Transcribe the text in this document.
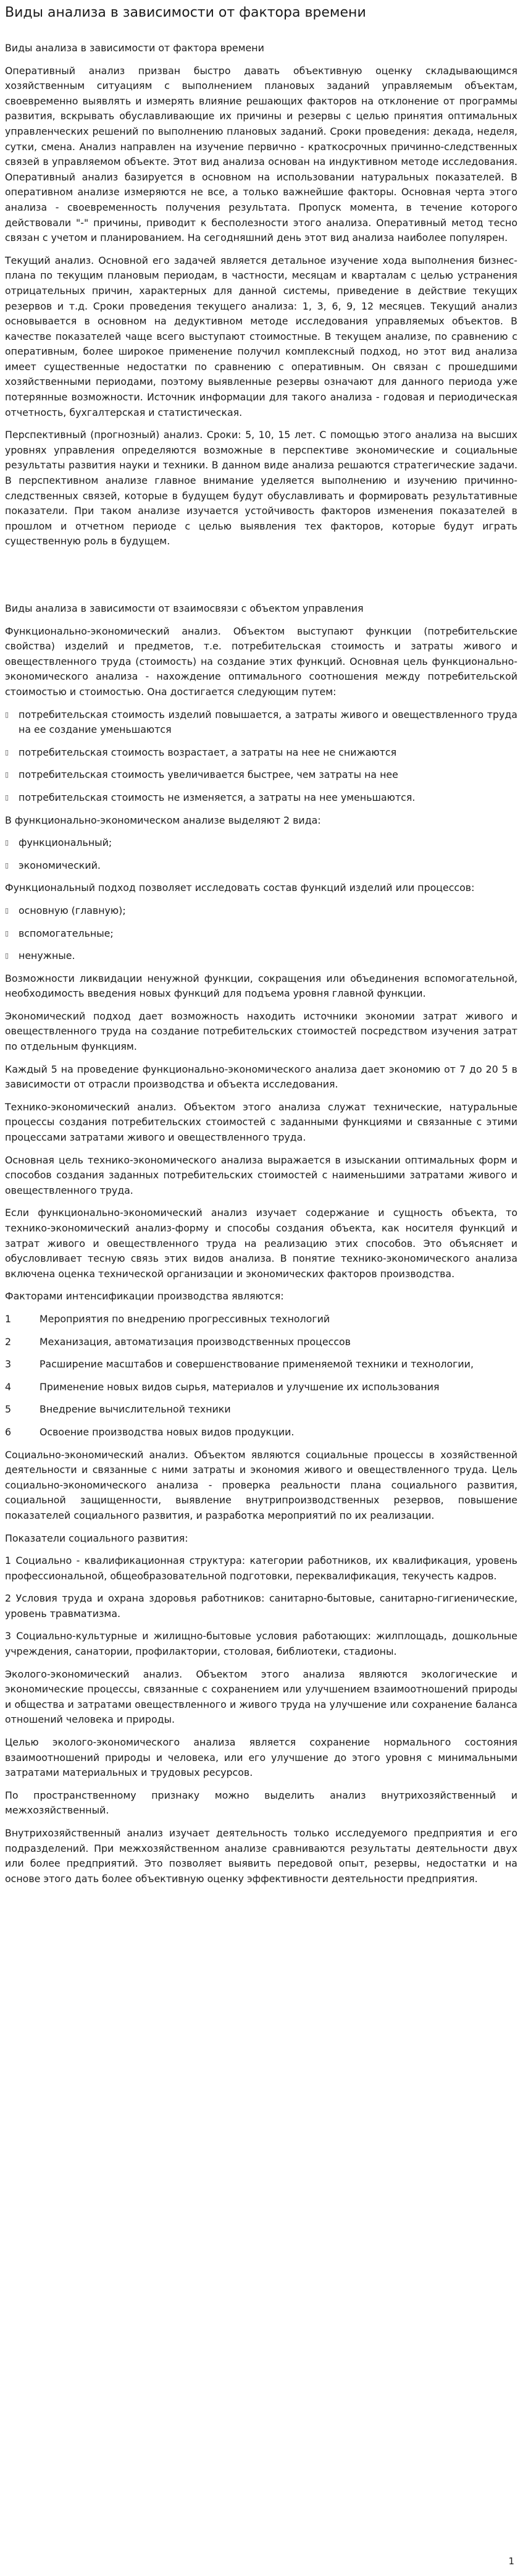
Виды анализа в зависимости от фактора времени

Виды анализа в зависимости от фактора времени

Оперативный анализ призван быстро давать объективную оценку складывающимся хозяйственным ситуациям с выполнением плановых заданий управляемым объектам, своевременно выявлять и измерять влияние решающих факторов на отклонение от программы развития, вскрывать обуславливающие их причины и резервы с целью принятия оптимальных управленческих решений по выполнению плановых заданий. Сроки проведения: декада, неделя, сутки, смена. Анализ направлен на изучение первично - краткосрочных причинно-следственных связей в управляемом объекте. Этот вид анализа основан на индуктивном методе исследования. Оперативный анализ базируется в основном на использовании натуральных показателей. В оперативном анализе измеряются не все, а только важнейшие факторы. Основная черта этого анализа - своевременность получения результата. Пропуск момента, в течение которого действовали "-" причины, приводит к бесполезности этого анализа. Оперативный метод тесно связан с учетом и планированием. На сегодняшний день этот вид анализа наиболее популярен.

Текущий анализ. Основной его задачей является детальное изучение хода выполнения бизнес-плана по текущим плановым периодам, в частности, месяцам и кварталам с целью устранения отрицательных причин, характерных для данной системы, приведение в действие текущих резервов и т.д. Сроки проведения текущего анализа: 1, 3, 6, 9, 12 месяцев. Текущий анализ основывается в основном на дедуктивном методе исследования управляемых объектов. В качестве показателей чаще всего выступают стоимостные. В текущем анализе, по сравнению с оперативным, более широкое применение получил комплексный подход, но этот вид анализа имеет существенные недостатки по сравнению с оперативным. Он связан с прошедшими хозяйственными периодами, поэтому выявленные резервы означают для данного периода уже потерянные возможности. Источник информации для такого анализа - годовая и периодическая отчетность, бухгалтерская и статистическая.

Перспективный (прогнозный) анализ. Сроки: 5, 10, 15 лет. С помощью этого анализа на высших уровнях управления определяются возможные в перспективе экономические и социальные результаты развития науки и техники. В данном виде анализа решаются стратегические задачи. В перспективном анализе главное внимание уделяется выполнению и изучению причинно-следственных связей, которые в будущем будут обуславливать и формировать результативные показатели. При таком анализе изучается устойчивость факторов изменения показателей в прошлом и отчетном периоде с целью выявления тех факторов, которые будут играть существенную роль в будущем.

Виды анализа в зависимости от взаимосвязи с объектом управления

Функционально-экономический анализ. Объектом выступают функции (потребительские свойства) изделий и предметов, т.е. потребительская стоимость и затраты живого и овеществленного труда (стоимость) на создание этих функций. Основная цель функционально-экономического анализа - нахождение оптимального соотношения между потребительской стоимостью и стоимостью. Она достигается следующим путем:

▯	потребительская стоимость изделий повышается, а затраты живого и овеществленного труда на ее создание уменьшаются

▯	потребительская стоимость возрастает, а затраты на нее не снижаются

▯	потребительская стоимость увеличивается быстрее, чем затраты на нее

▯	потребительская стоимость не изменяется, а затраты на нее уменьшаются.

В функционально-экономическом анализе выделяют 2 вида:

▯	функциональный;

▯	экономический.

Функциональный подход позволяет исследовать состав функций изделий или процессов:

▯	основную (главную);

▯	вспомогательные;

▯	ненужные.

Возможности ликвидации ненужной функции, сокращения или объединения вспомогательной, необходимость введения новых функций для подъема уровня главной функции.

Экономический подход дает возможность находить источники экономии затрат живого и овеществленного труда на создание потребительских стоимостей посредством изучения затрат по отдельным функциям.

Каждый 5 на проведение функционально-экономического анализа дает экономию от 7 до 20 5 в зависимости от отрасли производства и объекта исследования.

Технико-экономический анализ. Объектом этого анализа служат технические, натуральные процессы создания потребительских стоимостей с заданными функциями и связанные с этими процессами затратами живого и овеществленного труда.

Основная цель технико-экономического анализа выражается в изыскании оптимальных форм и способов создания заданных потребительских стоимостей с наименьшими затратами живого и овеществленного труда.

Если функционально-экономический анализ изучает содержание и сущность объекта, то технико-экономический анализ-форму и способы создания объекта, как носителя функций и затрат живого и овеществленного труда на реализацию этих способов. Это объясняет и обусловливает тесную связь этих видов анализа. В понятие технико-экономического анализа включена оценка технической организации и экономических факторов производства.

Факторами интенсификации производства являются:

1	Мероприятия по внедрению прогрессивных технологий

2	Механизация, автоматизация производственных процессов

3	Расширение масштабов и совершенствование применяемой техники и технологии,

4	Применение новых видов сырья, материалов и улучшение их использования

5	Внедрение вычислительной техники

6	Освоение производства новых видов продукции.

Социально-экономический анализ. Объектом являются социальные процессы в хозяйственной деятельности и связанные с ними затраты и экономия живого и овеществленного труда. Цель социально-экономического анализа - проверка реальности плана социального развития, социальной защищенности, выявление внутрипроизводственных резервов, повышение показателей социального развития, и разработка мероприятий по их реализации.

Показатели социального развития:

1 Социально - квалификационная структура: категории работников, их квалификация, уровень профессиональной, общеобразовательной подготовки, переквалификация, текучесть кадров.

2 Условия труда и охрана здоровья работников: санитарно-бытовые, санитарно-гигиенические, уровень травматизма.

3 Социально-культурные и жилищно-бытовые условия работающих: жилплощадь, дошкольные учреждения, санатории, профилактории, столовая, библиотеки, стадионы.

Эколого-экономический анализ. Объектом этого анализа являются экологические и экономические процессы, связанные с сохранением или улучшением взаимоотношений природы и общества и затратами овеществленного и живого труда на улучшение или сохранение баланса отношений человека и природы.

Целью эколого-экономического анализа является сохранение нормального состояния взаимоотношений природы и человека, или его улучшение до этого уровня с минимальными затратами материальных и трудовых ресурсов.

По пространственному признаку можно выделить анализ внутрихозяйственный и межхозяйственный.

Внутрихозяйственный анализ изучает деятельность только исследуемого предприятия и его подразделений. При межхозяйственном анализе сравниваются результаты деятельности двух или более предприятий. Это позволяет выявить передовой опыт, резервы, недостатки и на основе этого дать более объективную оценку эффективности деятельности предприятия.

1
